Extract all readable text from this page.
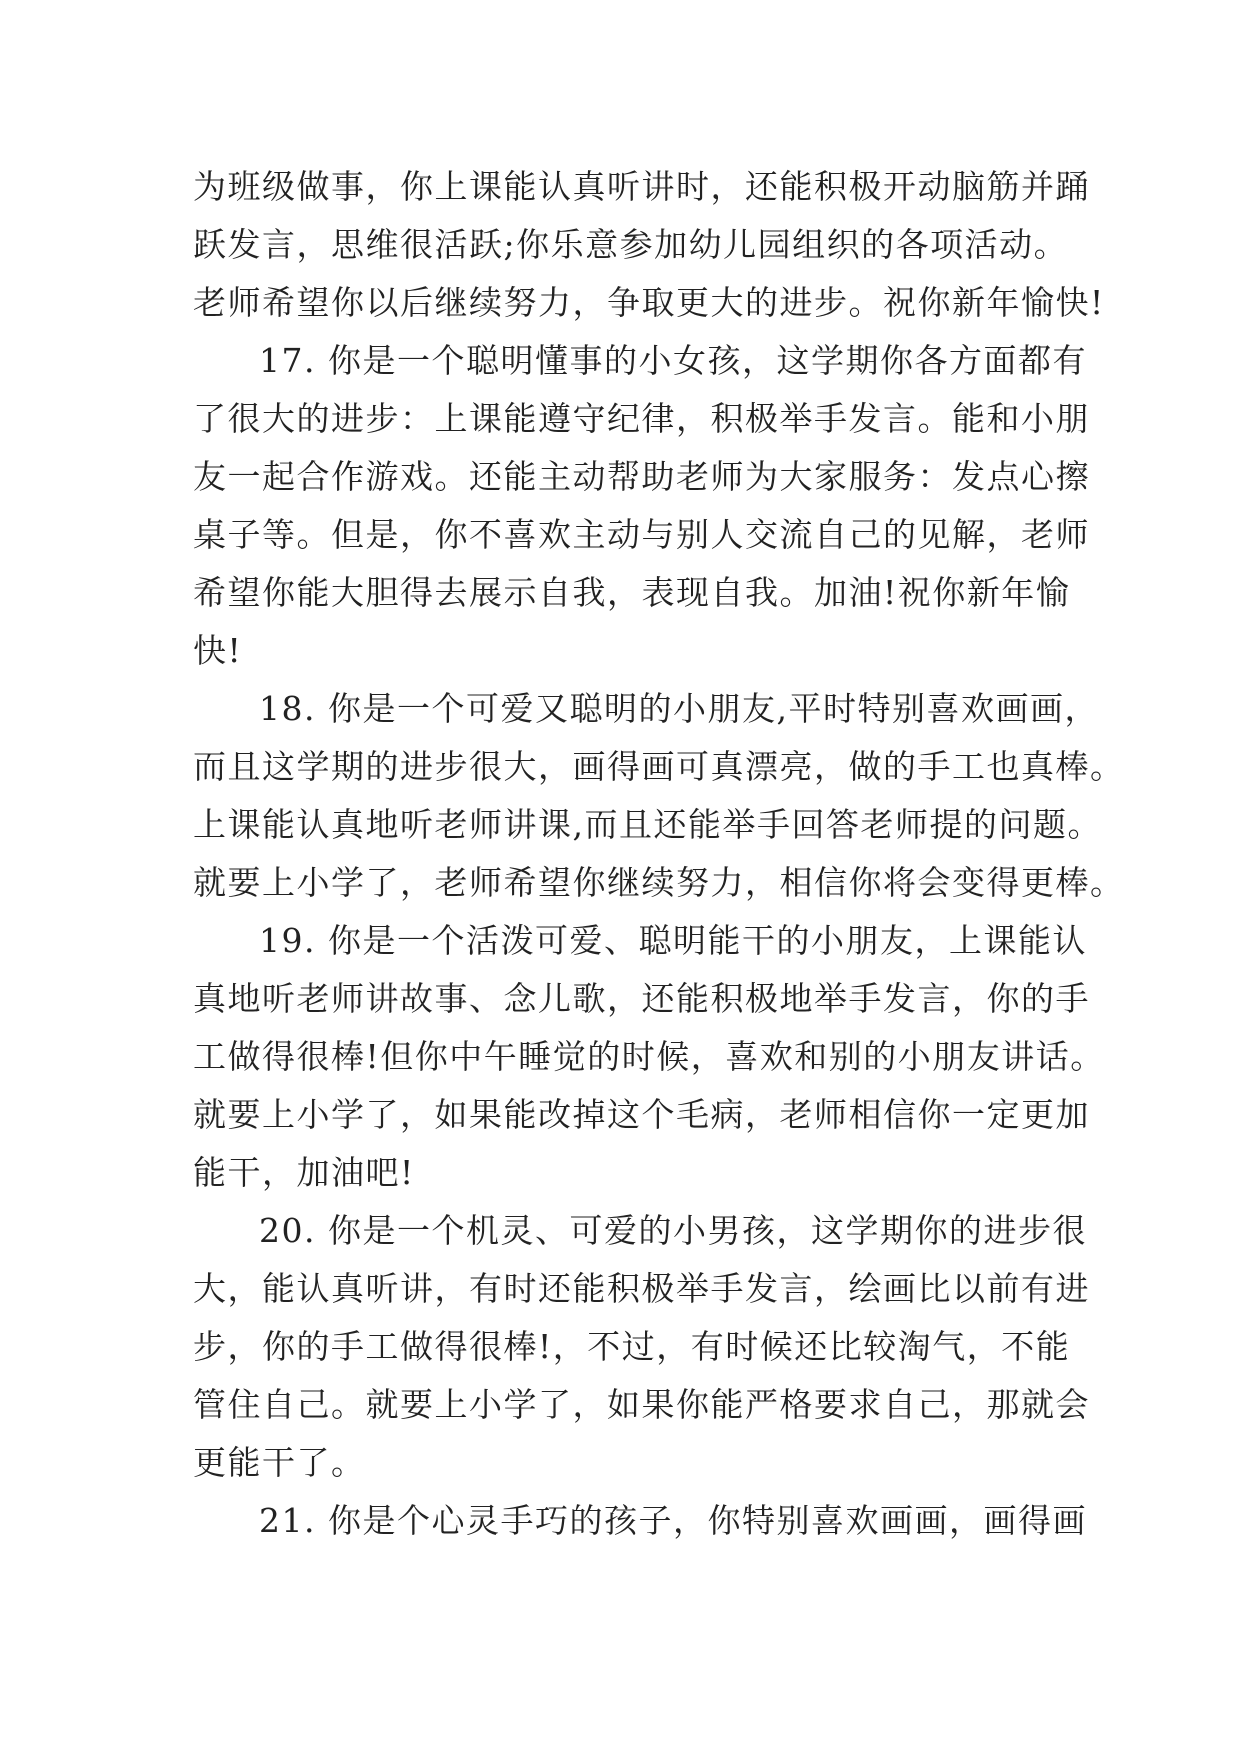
为班级做事，你上课能认真听讲时，还能积极开动脑筋并踊
跃发言，思维很活跃;你乐意参加幼儿园组织的各项活动。
老师希望你以后继续努力，争取更大的进步。祝你新年愉快!
17. 你是一个聪明懂事的小女孩，这学期你各方面都有
了很大的进步：上课能遵守纪律，积极举手发言。能和小朋
友一起合作游戏。还能主动帮助老师为大家服务：发点心擦
桌子等。但是，你不喜欢主动与别人交流自己的见解，老师
希望你能大胆得去展示自我，表现自我。加油!祝你新年愉
快!
18. 你是一个可爱又聪明的小朋友,平时特别喜欢画画，
而且这学期的进步很大，画得画可真漂亮，做的手工也真棒。
上课能认真地听老师讲课,而且还能举手回答老师提的问题。
就要上小学了，老师希望你继续努力，相信你将会变得更棒。
19. 你是一个活泼可爱、聪明能干的小朋友，上课能认
真地听老师讲故事、念儿歌，还能积极地举手发言，你的手
工做得很棒!但你中午睡觉的时候，喜欢和别的小朋友讲话。
就要上小学了，如果能改掉这个毛病，老师相信你一定更加
能干，加油吧!
20. 你是一个机灵、可爱的小男孩，这学期你的进步很
大，能认真听讲，有时还能积极举手发言，绘画比以前有进
步，你的手工做得很棒!，不过，有时候还比较淘气，不能
管住自己。就要上小学了，如果你能严格要求自己，那就会
更能干了。
21. 你是个心灵手巧的孩子，你特别喜欢画画，画得画
